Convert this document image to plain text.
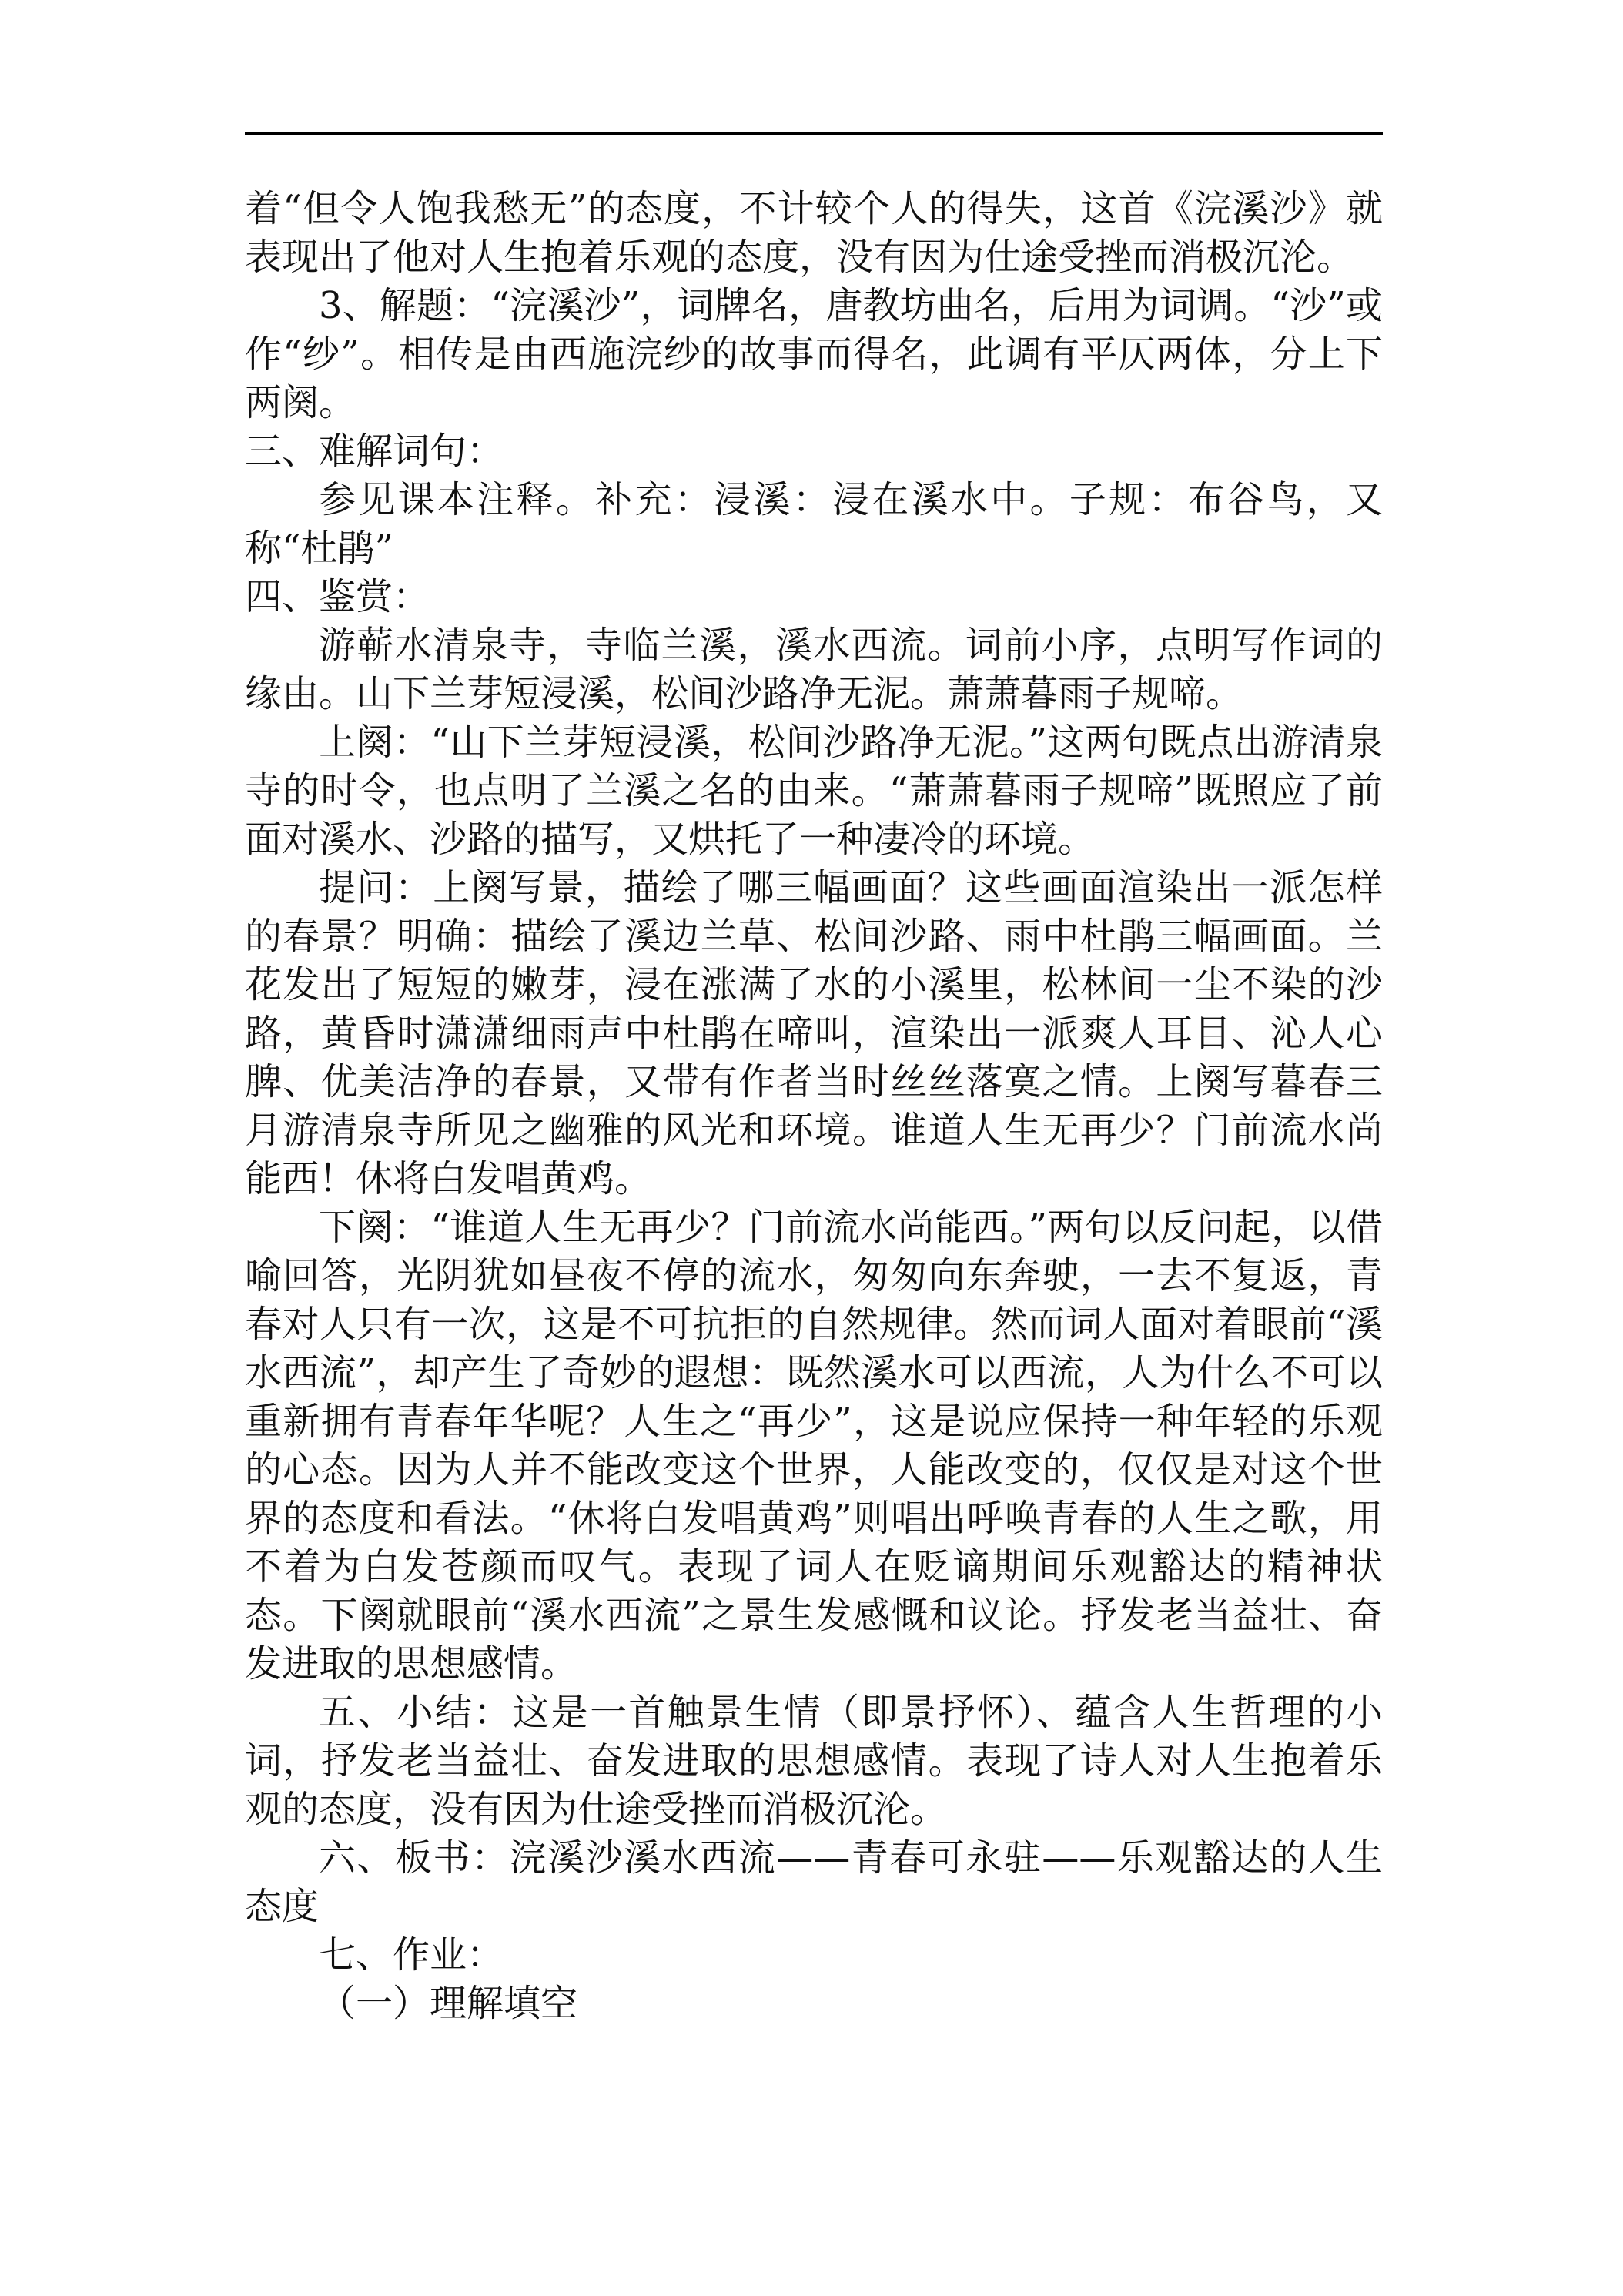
着“但令人饱我愁无”的态度，不计较个人的得失，这首《浣溪沙》就表现出了他对人生抱着乐观的态度，没有因为仕途受挫而消极沉沦。

3、解题：“浣溪沙”，词牌名，唐教坊曲名，后用为词调。“沙”或作“纱”。相传是由西施浣纱的故事而得名，此调有平仄两体，分上下两阕。

三、难解词句：

参见课本注释。补充：浸溪：浸在溪水中。子规：布谷鸟，又称“杜鹃”

四、鉴赏：

游蕲水清泉寺，寺临兰溪，溪水西流。词前小序，点明写作词的缘由。山下兰芽短浸溪，松间沙路净无泥。萧萧暮雨子规啼。

上阕：“山下兰芽短浸溪，松间沙路净无泥。”这两句既点出游清泉寺的时令，也点明了兰溪之名的由来。“萧萧暮雨子规啼”既照应了前面对溪水、沙路的描写，又烘托了一种凄冷的环境。

提问：上阕写景，描绘了哪三幅画面？这些画面渲染出一派怎样的春景？明确：描绘了溪边兰草、松间沙路、雨中杜鹃三幅画面。兰花发出了短短的嫩芽，浸在涨满了水的小溪里，松林间一尘不染的沙路，黄昏时潇潇细雨声中杜鹃在啼叫，渲染出一派爽人耳目、沁人心脾、优美洁净的春景，又带有作者当时丝丝落寞之情。上阕写暮春三月游清泉寺所见之幽雅的风光和环境。谁道人生无再少？门前流水尚能西！休将白发唱黄鸡。

下阕：“谁道人生无再少？门前流水尚能西。”两句以反问起，以借喻回答，光阴犹如昼夜不停的流水，匆匆向东奔驶，一去不复返，青春对人只有一次，这是不可抗拒的自然规律。然而词人面对着眼前“溪水西流”，却产生了奇妙的遐想：既然溪水可以西流，人为什么不可以重新拥有青春年华呢？人生之“再少”，这是说应保持一种年轻的乐观的心态。因为人并不能改变这个世界，人能改变的，仅仅是对这个世界的态度和看法。“休将白发唱黄鸡”则唱出呼唤青春的人生之歌，用不着为白发苍颜而叹气。表现了词人在贬谪期间乐观豁达的精神状态。下阕就眼前“溪水西流”之景生发感慨和议论。抒发老当益壮、奋发进取的思想感情。

五、小结：这是一首触景生情（即景抒怀）、蕴含人生哲理的小词，抒发老当益壮、奋发进取的思想感情。表现了诗人对人生抱着乐观的态度，没有因为仕途受挫而消极沉沦。

六、板书：浣溪沙溪水西流——青春可永驻——乐观豁达的人生态度

七、作业：

（一）理解填空
